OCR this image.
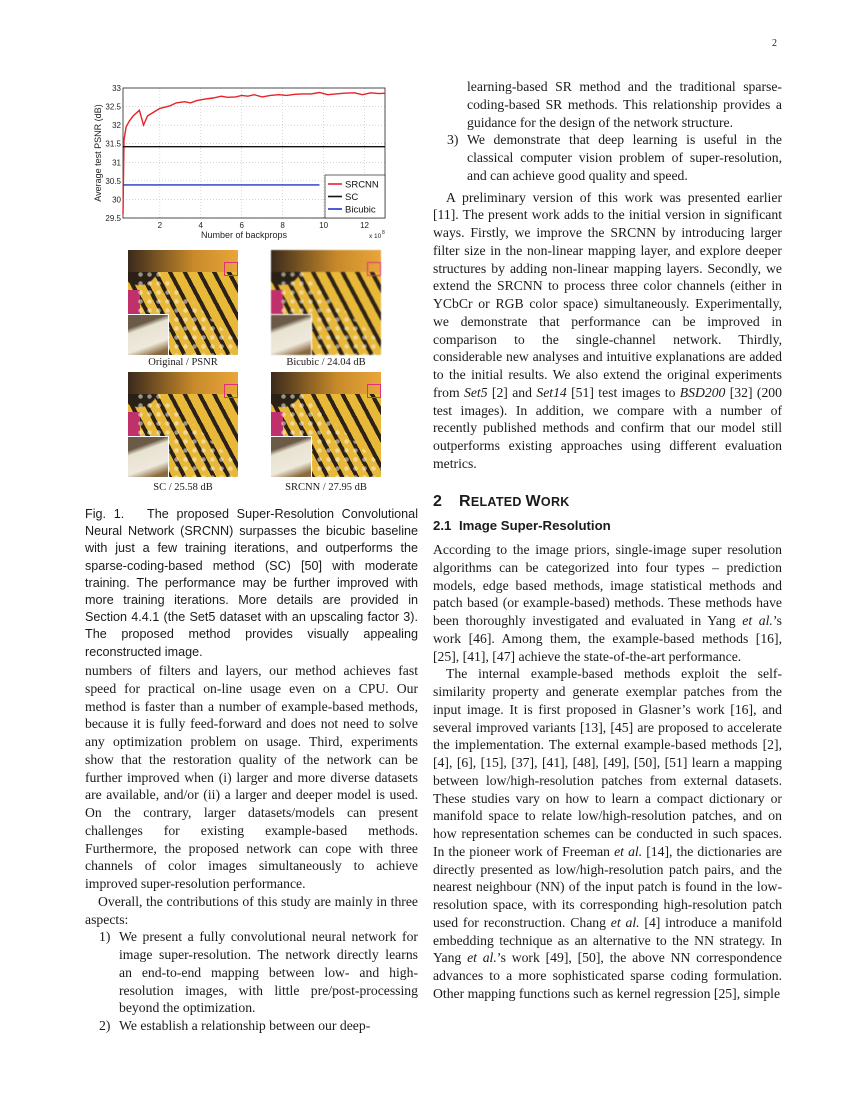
2
2	4	6	8	10	12
29.5
30
30.5
31
31.5
32
32.5
33
SRCNN
SC
Bicubic
Number of backprops	x 10 8
Average test PSNR (dB)
Original / PSNR	Bicubic / 24.04 dB
SC / 25.58 dB	SRCNN / 27.95 dB
Fig. 1.   The proposed Super-Resolution Convolutional Neural Network (SRCNN) surpasses the bicubic baseline with just a few training iterations, and outperforms the sparse-coding-based method (SC) [50] with moderate training. The performance may be further improved with more training iterations. More details are provided in Section 4.4.1 (the Set5 dataset with an upscaling factor 3). The proposed method provides visually appealing reconstructed image.

numbers of filters and layers, our method achieves fast speed for practical on-line usage even on a CPU. Our method is faster than a number of example-based methods, because it is fully feed-forward and does not need to solve any optimization problem on usage. Third, experiments show that the restoration quality of the network can be further improved when (i) larger and more diverse datasets are available, and/or (ii) a larger and deeper model is used. On the contrary, larger datasets/models can present challenges for existing example-based methods. Furthermore, the proposed network can cope with three channels of color images simultaneously to achieve improved super-resolution performance.

Overall, the contributions of this study are mainly in three aspects:

1) We present a fully convolutional neural network for image super-resolution. The network directly learns an end-to-end mapping between low- and high-resolution images, with little pre/post-processing beyond the optimization.
2) We establish a relationship between our deep-
learning-based SR method and the traditional sparse-coding-based SR methods. This relationship provides a guidance for the design of the network structure.
3) We demonstrate that deep learning is useful in the classical computer vision problem of super-resolution, and can achieve good quality and speed.

A preliminary version of this work was presented earlier [11]. The present work adds to the initial version in significant ways. Firstly, we improve the SRCNN by introducing larger filter size in the non-linear mapping layer, and explore deeper structures by adding non-linear mapping layers. Secondly, we extend the SRCNN to process three color channels (either in YCbCr or RGB color space) simultaneously. Experimentally, we demonstrate that performance can be improved in comparison to the single-channel network. Thirdly, considerable new analyses and intuitive explanations are added to the initial results. We also extend the original experiments from Set5 [2] and Set14 [51] test images to BSD200 [32] (200 test images). In addition, we compare with a number of recently published methods and confirm that our model still outperforms existing approaches using different evaluation metrics.

2 RELATED WORK
2.1 Image Super-Resolution

According to the image priors, single-image super resolution algorithms can be categorized into four types – prediction models, edge based methods, image statistical methods and patch based (or example-based) methods. These methods have been thoroughly investigated and evaluated in Yang et al.’s work [46]. Among them, the example-based methods [16], [25], [41], [47] achieve the state-of-the-art performance.

The internal example-based methods exploit the self-similarity property and generate exemplar patches from the input image. It is first proposed in Glasner’s work [16], and several improved variants [13], [45] are proposed to accelerate the implementation. The external example-based methods [2], [4], [6], [15], [37], [41], [48], [49], [50], [51] learn a mapping between low/high-resolution patches from external datasets. These studies vary on how to learn a compact dictionary or manifold space to relate low/high-resolution patches, and on how representation schemes can be conducted in such spaces. In the pioneer work of Freeman et al. [14], the dictionaries are directly presented as low/high-resolution patch pairs, and the nearest neighbour (NN) of the input patch is found in the low-resolution space, with its corresponding high-resolution patch used for reconstruction. Chang et al. [4] introduce a manifold embedding technique as an alternative to the NN strategy. In Yang et al.’s work [49], [50], the above NN correspondence advances to a more sophisticated sparse coding formulation. Other mapping functions such as kernel regression [25], simple
